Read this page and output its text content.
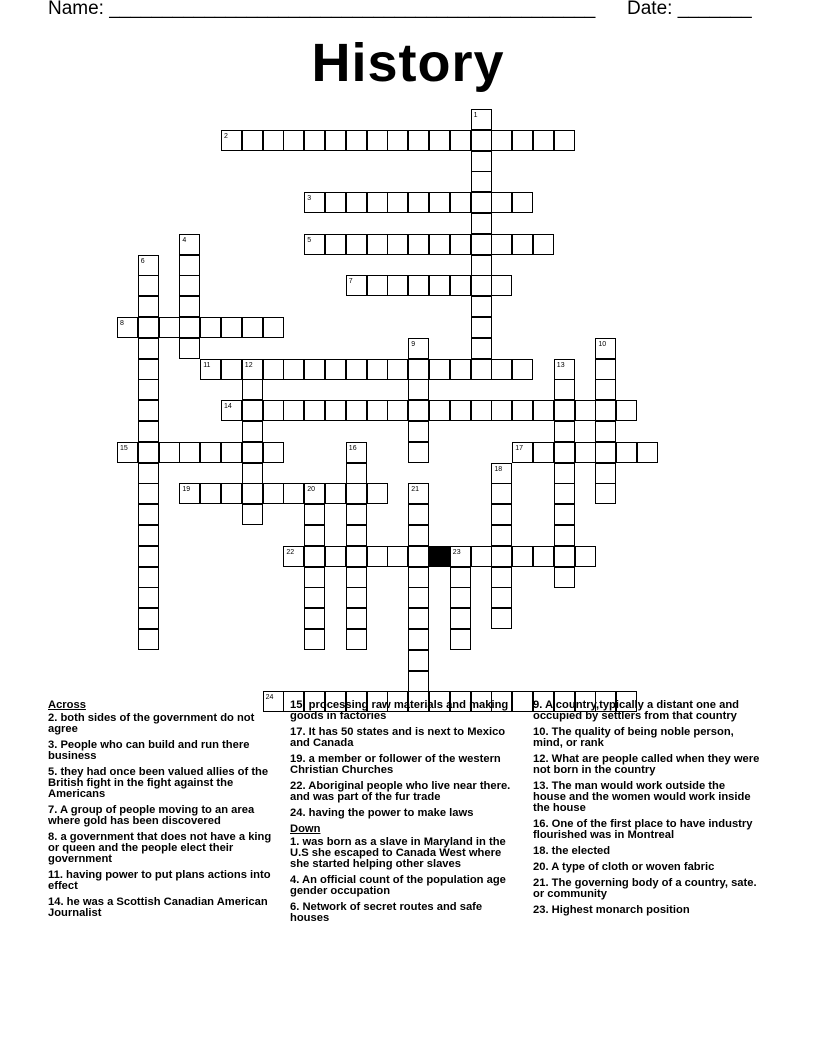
Name: ______________________________________________ Date: _______
History
1
2
3
4	5
6
7
8
9	10
11	12	13
14
15	16	17
18
19	20	21
22	23
24
Across
2. both sides of the government do not agree
3. People who can build and run there business
5. they had once been valued allies of the British fight in the fight against the Americans
7. A group of people moving to an area where gold has been discovered
8. a government that does not have a king or queen and the people elect their government
11. having power to put plans actions into effect
14. he was a Scottish Canadian American Journalist
15. processing raw materials and making goods in factories
17. It has 50 states and is next to Mexico and Canada
19. a member or follower of the western Christian Churches
22. Aboriginal people who live near there. and was part of the fur trade
24. having the power to make laws
Down
1. was born as a slave in Maryland in the U.S she escaped to Canada West where she started helping other slaves
4. An official count of the population age gender occupation
6. Network of secret routes and safe houses
9. A country,typically a distant one and occupied by settlers from that country
10. The quality of being noble person, mind, or rank
12. What are people called when they were not born in the country
13. The man would work outside the house and the women would work inside the house
16. One of the first place to have industry flourished was in Montreal
18. the elected
20. A type of cloth or woven fabric
21. The governing body of a country, sate. or community
23. Highest monarch position
